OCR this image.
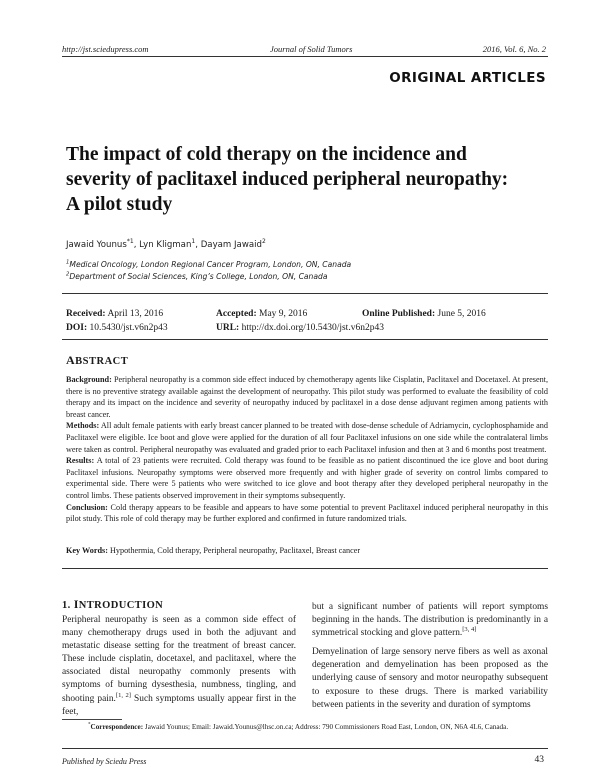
http://jst.sciedupress.com	Journal of Solid Tumors	2016, Vol. 6, No. 2
ORIGINAL ARTICLES
The impact of cold therapy on the incidence and
severity of paclitaxel induced peripheral neuropathy:
A pilot study
Jawaid Younus$^{*1}$, Lyn Kligman$^1$, Dayam Jawaid$^2$
$^1$Medical Oncology, London Regional Cancer Program, London, ON, Canada
$^2$Department of Social Sciences, King’s College, London, ON, Canada
Received: April 13, 2016	Accepted: May 9, 2016	Online Published: June 5, 2016
DOI: 10.5430/jst.v6n2p43	URL: http://dx.doi.org/10.5430/jst.v6n2p43
ABSTRACT

Background: Peripheral neuropathy is a common side effect induced by chemotherapy agents like Cisplatin, Paclitaxel and Docetaxel. At present, there is no preventive strategy available against the development of neuropathy. This pilot study was performed to evaluate the feasibility of cold therapy and its impact on the incidence and severity of neuropathy induced by paclitaxel in a dose dense adjuvant regimen among patients with breast cancer.

Methods: All adult female patients with early breast cancer planned to be treated with dose-dense schedule of Adriamycin, cyclophosphamide and Paclitaxel were eligible. Ice boot and glove were applied for the duration of all four Paclitaxel infusions on one side while the contralateral limbs were taken as control. Peripheral neuropathy was evaluated and graded prior to each Paclitaxel infusion and then at 3 and 6 months post treatment.

Results: A total of 23 patients were recruited. Cold therapy was found to be feasible as no patient discontinued the ice glove and boot during Paclitaxel infusions. Neuropathy symptoms were observed more frequently and with higher grade of severity on control limbs compared to experimental side. There were 5 patients who were switched to ice glove and boot therapy after they developed peripheral neuropathy in the control limbs. These patients observed improvement in their symptoms subsequently.

Conclusion: Cold therapy appears to be feasible and appears to have some potential to prevent Paclitaxel induced peripheral neuropathy in this pilot study. This role of cold therapy may be further explored and confirmed in future randomized trials.

Key Words: Hypothermia, Cold therapy, Peripheral neuropathy, Paclitaxel, Breast cancer
1. INTRODUCTION

Peripheral neuropathy is seen as a common side effect of many chemotherapy drugs used in both the adjuvant and metastatic disease setting for the treatment of breast cancer. These include cisplatin, docetaxel, and paclitaxel, where the associated distal neuropathy commonly presents with symptoms of burning dysesthesia, numbness, tingling, and shooting pain.[1, 2] Such symptoms usually appear first in the feet,

but a significant number of patients will report symptoms beginning in the hands. The distribution is predominantly in a symmetrical stocking and glove pattern.[3, 4]

Demyelination of large sensory nerve fibers as well as axonal degeneration and demyelination has been proposed as the underlying cause of sensory and motor neuropathy subsequent to exposure to these drugs. There is marked variability between patients in the severity and duration of symptoms

*Correspondence: Jawaid Younus; Email: Jawaid.Younus@lhsc.on.ca; Address: 790 Commissioners Road East, London, ON, N6A 4L6, Canada.
Published by Sciedu Press	43
